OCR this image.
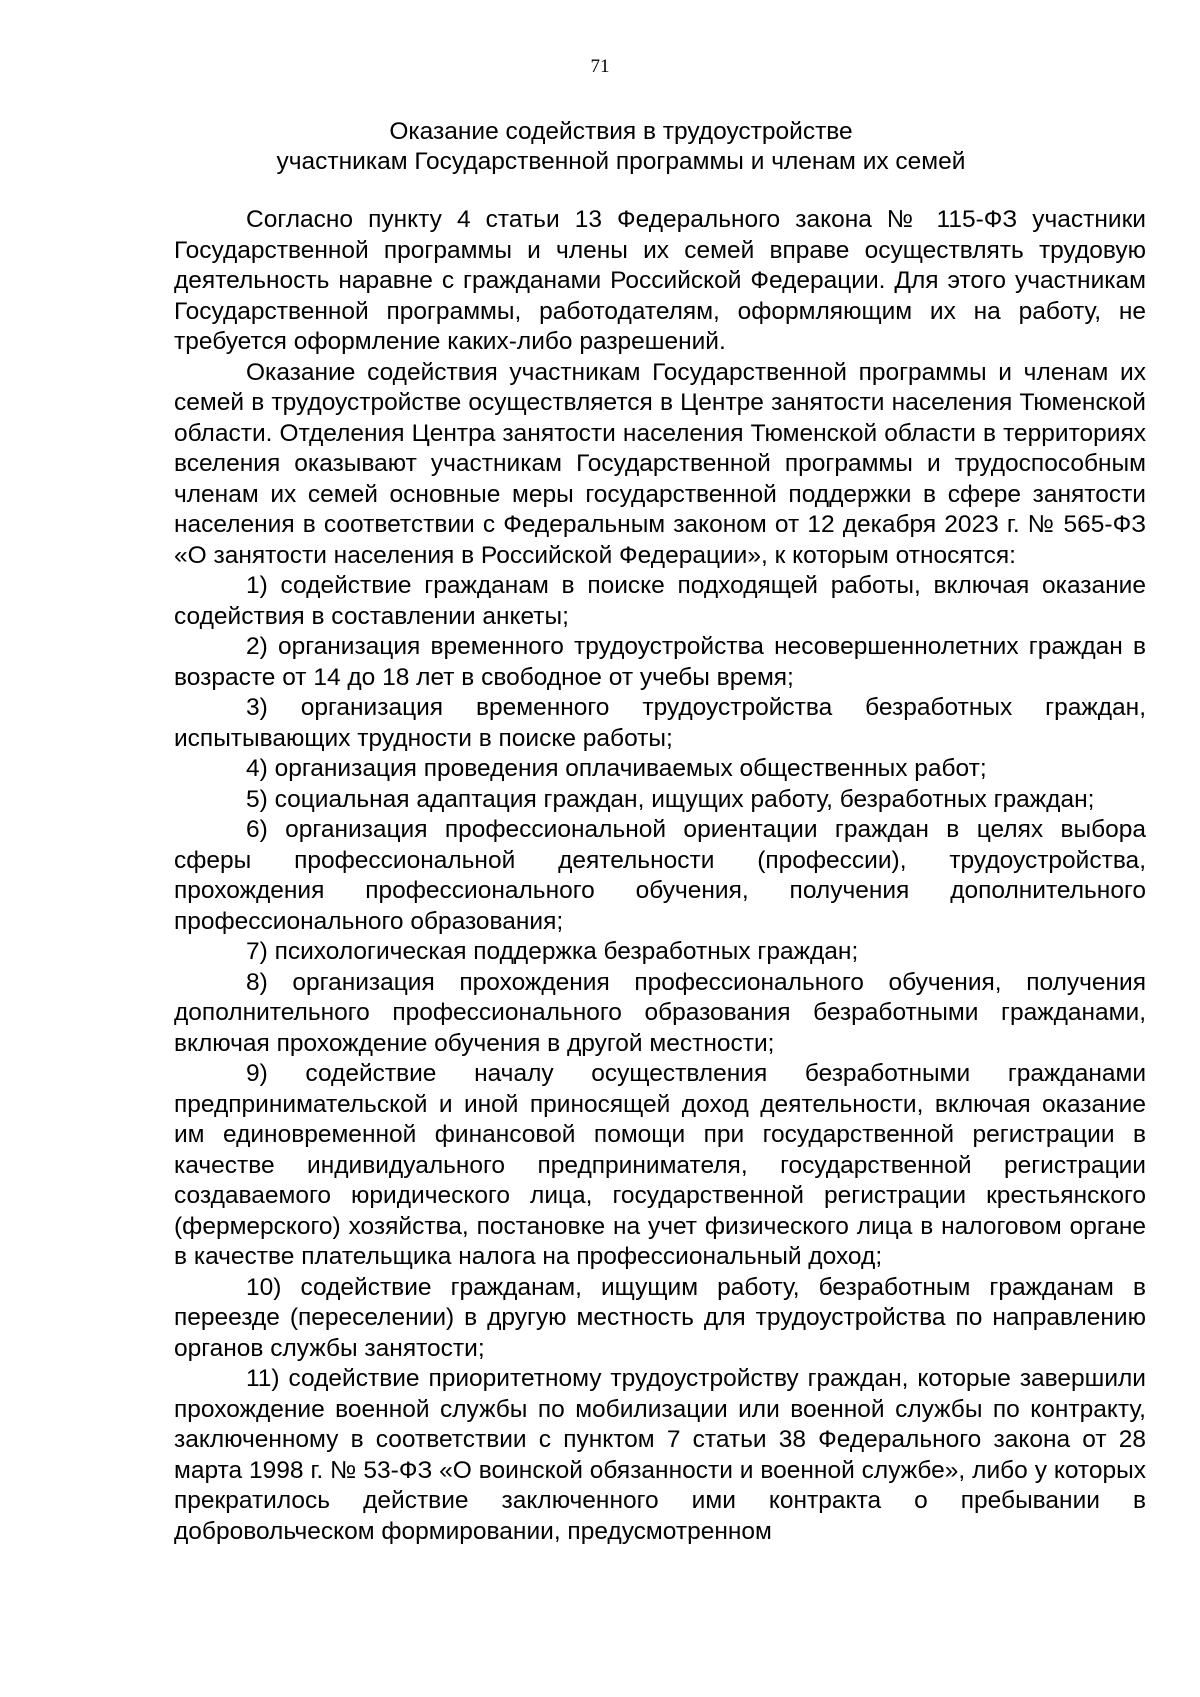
71
Оказание содействия в трудоустройстве
участникам Государственной программы и членам их семей

Согласно пункту 4 статьи 13 Федерального закона № 115-ФЗ участники Государственной программы и члены их семей вправе осуществлять трудовую деятельность наравне с гражданами Российской Федерации. Для этого участникам Государственной программы, работодателям, оформляющим их на работу, не требуется оформление каких-либо разрешений.

Оказание содействия участникам Государственной программы и членам их семей в трудоустройстве осуществляется в Центре занятости населения Тюменской области. Отделения Центра занятости населения Тюменской области в территориях вселения оказывают участникам Государственной программы и трудоспособным членам их семей основные меры государственной поддержки в сфере занятости населения в соответствии с Федеральным законом от 12 декабря 2023 г. № 565-ФЗ «О занятости населения в Российской Федерации», к которым относятся:

1) содействие гражданам в поиске подходящей работы, включая оказание содействия в составлении анкеты;

2) организация временного трудоустройства несовершеннолетних граждан в возрасте от 14 до 18 лет в свободное от учебы время;

3) организация временного трудоустройства безработных граждан, испытывающих трудности в поиске работы;

4) организация проведения оплачиваемых общественных работ;

5) социальная адаптация граждан, ищущих работу, безработных граждан;

6) организация профессиональной ориентации граждан в целях выбора сферы профессиональной деятельности (профессии), трудоустройства, прохождения профессионального обучения, получения дополнительного профессионального образования;

7) психологическая поддержка безработных граждан;

8) организация прохождения профессионального обучения, получения дополнительного профессионального образования безработными гражданами, включая прохождение обучения в другой местности;

9) содействие началу осуществления безработными гражданами предпринимательской и иной приносящей доход деятельности, включая оказание им единовременной финансовой помощи при государственной регистрации в качестве индивидуального предпринимателя, государственной регистрации создаваемого юридического лица, государственной регистрации крестьянского (фермерского) хозяйства, постановке на учет физического лица в налоговом органе в качестве плательщика налога на профессиональный доход;

10) содействие гражданам, ищущим работу, безработным гражданам в переезде (переселении) в другую местность для трудоустройства по направлению органов службы занятости;

11) содействие приоритетному трудоустройству граждан, которые завершили прохождение военной службы по мобилизации или военной службы по контракту, заключенному в соответствии с пунктом 7 статьи 38 Федерального закона от 28 марта 1998 г. № 53-ФЗ «О воинской обязанности и военной службе», либо у которых прекратилось действие заключенного ими контракта о пребывании в добровольческом формировании, предусмотренном
